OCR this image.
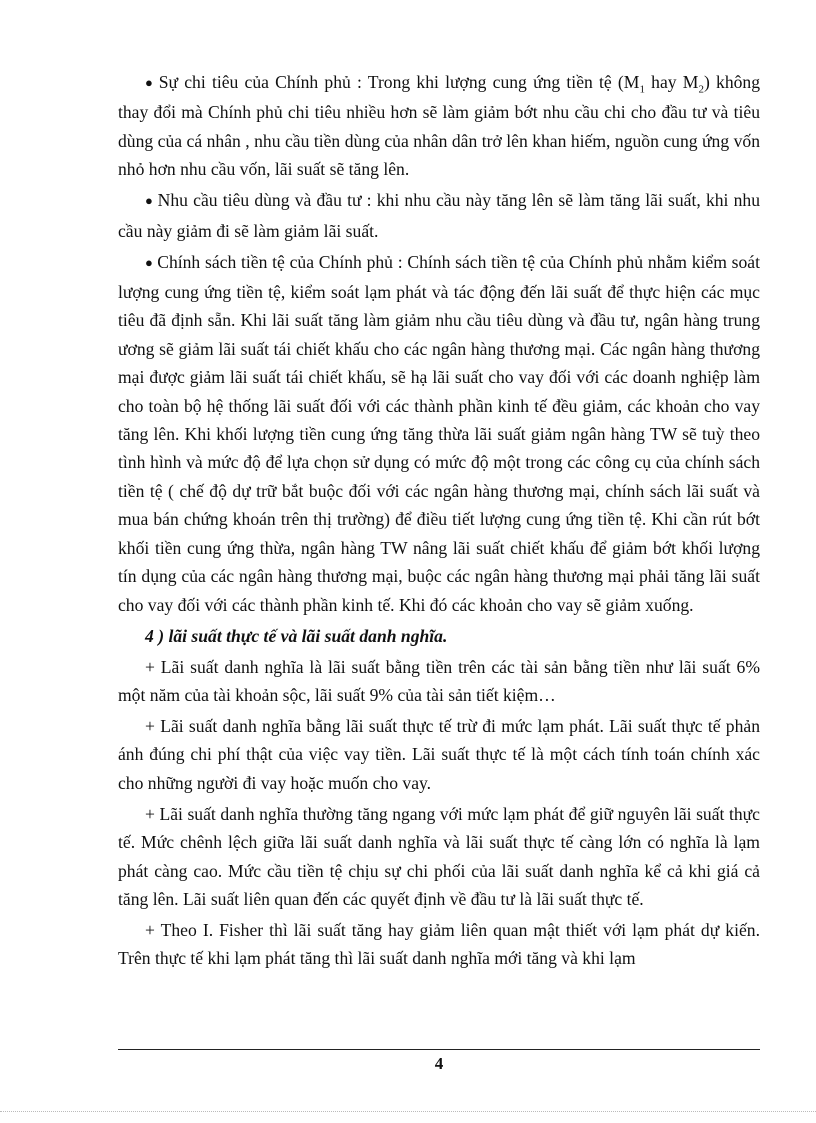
● Sự chi tiêu của Chính phủ : Trong khi lượng cung ứng tiền tệ ($M_1$ hay $M_2$) không thay đổi mà Chính phủ chi tiêu nhiều hơn sẽ làm giảm bớt nhu cầu chi cho đầu tư và tiêu dùng của cá nhân , nhu cầu tiền dùng của nhân dân trở lên khan hiếm, nguồn cung ứng vốn nhỏ hơn nhu cầu vốn, lãi suất sẽ tăng lên.

● Nhu cầu tiêu dùng và đầu tư : khi nhu cầu này tăng lên sẽ làm tăng lãi suất, khi nhu cầu này giảm đi sẽ làm giảm lãi suất.

● Chính sách tiền tệ của Chính phủ : Chính sách tiền tệ của Chính phủ nhằm kiểm soát lượng cung ứng tiền tệ, kiểm soát lạm phát và tác động đến lãi suất để thực hiện các mục tiêu đã định sẵn. Khi lãi suất tăng làm giảm nhu cầu tiêu dùng và đầu tư, ngân hàng trung ương sẽ giảm lãi suất tái chiết khấu cho các ngân hàng thương mại. Các ngân hàng thương mại được giảm lãi suất tái chiết khấu, sẽ hạ lãi suất cho vay đối với các doanh nghiệp làm cho toàn bộ hệ thống lãi suất đối với các thành phần kinh tế đều giảm, các khoản cho vay tăng lên. Khi khối lượng tiền cung ứng tăng thừa lãi suất giảm ngân hàng TW sẽ tuỳ theo tình hình và mức độ để lựa chọn sử dụng có mức độ một trong các công cụ của chính sách tiền tệ ( chế độ dự trữ bắt buộc đối với các ngân hàng thương mại, chính sách lãi suất và mua bán chứng khoán trên thị trường) để điều tiết lượng cung ứng tiền tệ. Khi cần rút bớt khối tiền cung ứng thừa, ngân hàng TW nâng lãi suất chiết khấu để giảm bớt khối lượng tín dụng của các ngân hàng thương mại, buộc các ngân hàng thương mại phải tăng lãi suất cho vay đối với các thành phần kinh tế. Khi đó các khoản cho vay sẽ giảm xuống.

4 ) lãi suất thực tế và lãi suất danh nghĩa.

+ Lãi suất danh nghĩa là lãi suất bằng tiền trên các tài sản bằng tiền như lãi suất 6% một năm của tài khoản sộc, lãi suất 9% của tài sản tiết kiệm…

+ Lãi suất danh nghĩa bằng lãi suất thực tế trừ đi mức lạm phát. Lãi suất thực tế phản ánh đúng chi phí thật của việc vay tiền. Lãi suất thực tế là một cách tính toán chính xác cho những người đi vay hoặc muốn cho vay.

+ Lãi suất danh nghĩa thường tăng ngang với mức lạm phát để giữ nguyên lãi suất thực tế. Mức chênh lệch giữa lãi suất danh nghĩa và lãi suất thực tế càng lớn có nghĩa là lạm phát càng cao. Mức cầu tiền tệ chịu sự chi phối của lãi suất danh nghĩa kể cả khi giá cả tăng lên. Lãi suất liên quan đến các quyết định về đầu tư là lãi suất thực tế.

+ Theo I. Fisher thì lãi suất tăng hay giảm liên quan mật thiết với lạm phát dự kiến. Trên thực tế khi lạm phát tăng thì lãi suất danh nghĩa mới tăng và khi lạm

4
